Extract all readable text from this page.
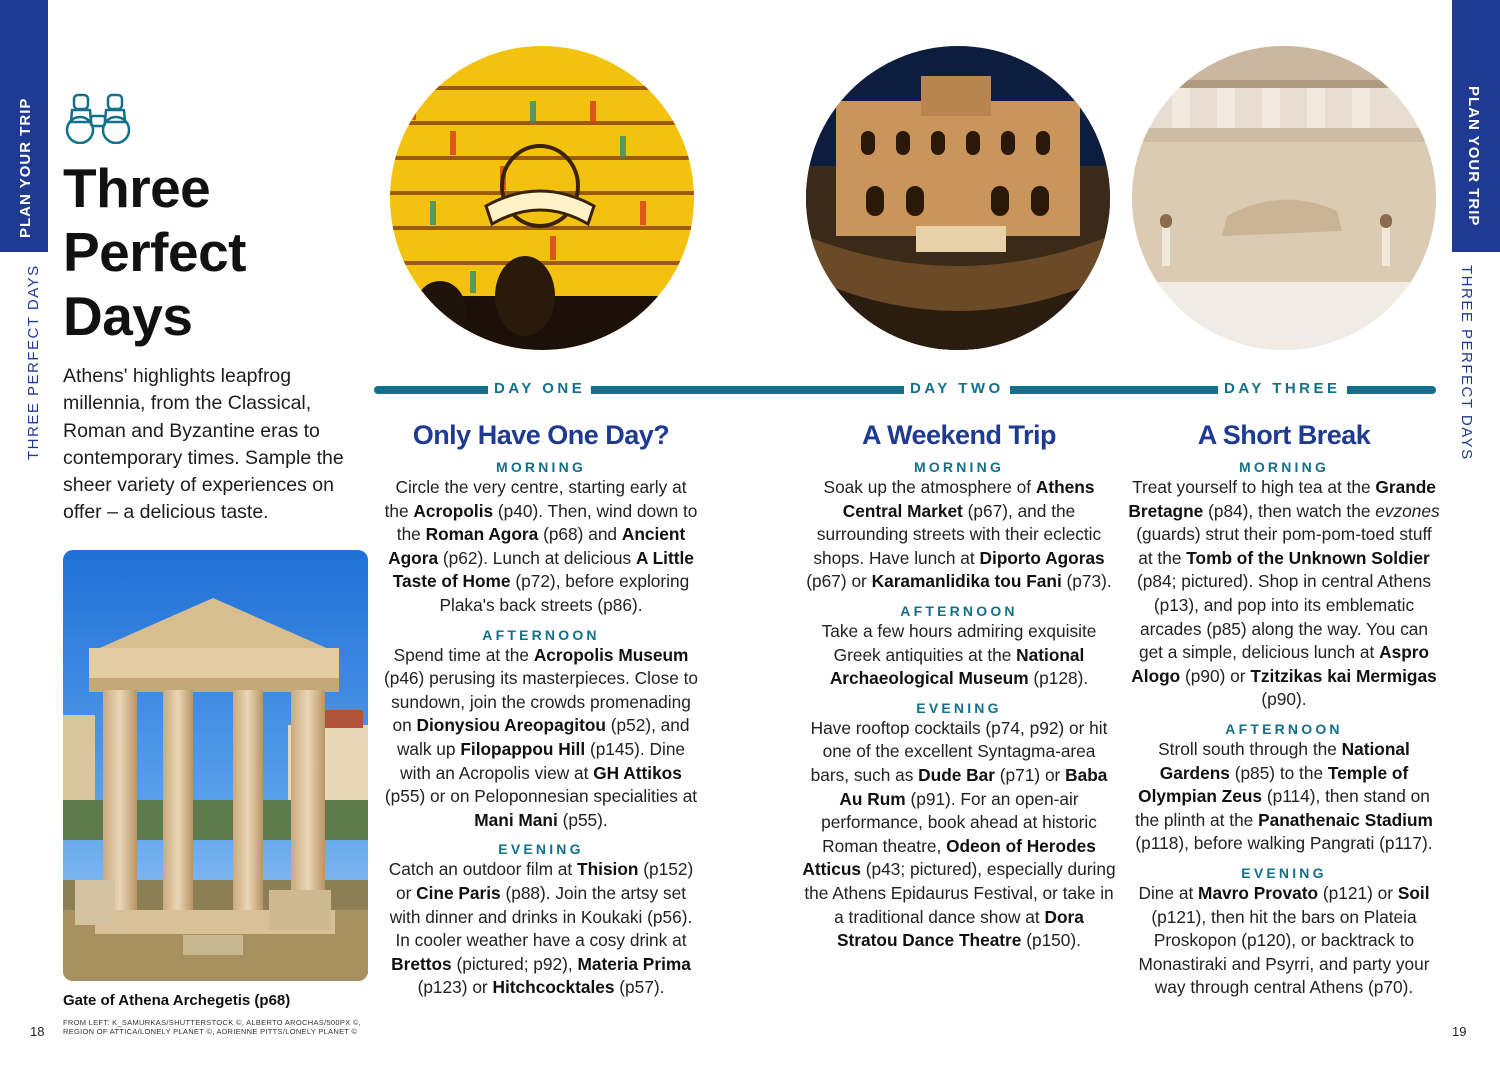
PLAN YOUR TRIP
THREE PERFECT DAYS
PLAN YOUR TRIP
THREE PERFECT DAYS
Three
Perfect
Days
Athens' highlights leapfrog millennia, from the Classical, Roman and Byzantine eras to contemporary times. Sample the sheer variety of experiences on offer – a delicious taste.
Gate of Athena Archegetis (p68)
FROM LEFT: K_SAMURKAS/SHUTTERSTOCK ©, ALBERTO AROCHAS/500PX ©,
REGION OF ATTICA/LONELY PLANET ©, ADRIENNE PITTS/LONELY PLANET ©
18	19
DAY ONE	DAY TWO	DAY THREE
Only Have One Day?
MORNING

Circle the very centre, starting early at the Acropolis (p40). Then, wind down to the Roman Agora (p68) and Ancient Agora (p62). Lunch at delicious A Little Taste of Home (p72), before exploring Plaka's back streets (p86).

AFTERNOON

Spend time at the Acropolis Museum (p46) perusing its masterpieces. Close to sundown, join the crowds promenading on Dionysiou Areopagitou (p52), and walk up Filopappou Hill (p145). Dine with an Acropolis view at GH Attikos (p55) or on Peloponnesian specialities at Mani Mani (p55).

EVENING

Catch an outdoor film at Thision (p152) or Cine Paris (p88). Join the artsy set with dinner and drinks in Koukaki (p56). In cooler weather have a cosy drink at Brettos (pictured; p92), Materia Prima (p123) or Hitchcocktales (p57).

A Weekend Trip
MORNING

Soak up the atmosphere of Athens Central Market (p67), and the surrounding streets with their eclectic shops. Have lunch at Diporto Agoras (p67) or Karamanlidika tou Fani (p73).

AFTERNOON

Take a few hours admiring exquisite Greek antiquities at the National Archaeological Museum (p128).

EVENING

Have rooftop cocktails (p74, p92) or hit one of the excellent Syntagma-area bars, such as Dude Bar (p71) or Baba Au Rum (p91). For an open-air performance, book ahead at historic Roman theatre, Odeon of Herodes Atticus (p43; pictured), especially during the Athens Epidaurus Festival, or take in a traditional dance show at Dora Stratou Dance Theatre (p150).

A Short Break
MORNING

Treat yourself to high tea at the Grande Bretagne (p84), then watch the evzones (guards) strut their pom-pom-toed stuff at the Tomb of the Unknown Soldier (p84; pictured). Shop in central Athens (p13), and pop into its emblematic arcades (p85) along the way. You can get a simple, delicious lunch at Aspro Alogo (p90) or Tzitzikas kai Mermigas (p90).

AFTERNOON

Stroll south through the National Gardens (p85) to the Temple of Olympian Zeus (p114), then stand on the plinth at the Panathenaic Stadium (p118), before walking Pangrati (p117).

EVENING

Dine at Mavro Provato (p121) or Soil (p121), then hit the bars on Plateia Proskopon (p120), or backtrack to Monastiraki and Psyrri, and party your way through central Athens (p70).
